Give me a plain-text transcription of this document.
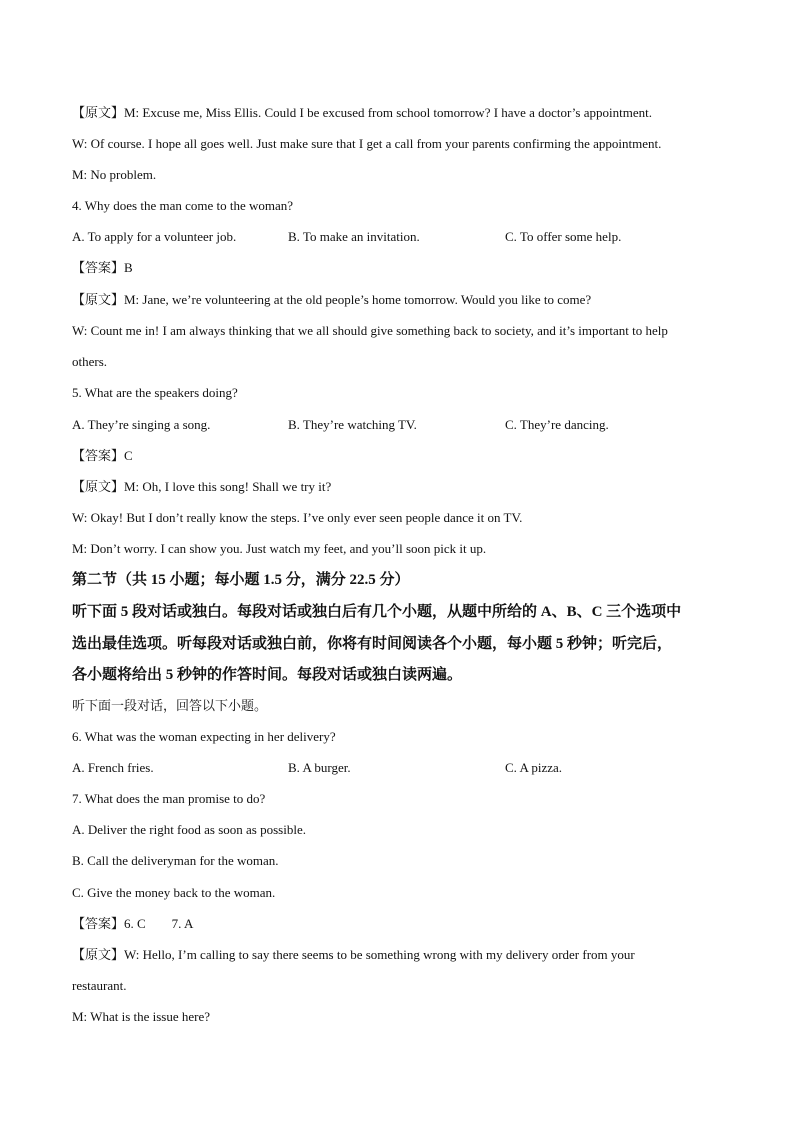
【原文】M: Excuse me, Miss Ellis. Could I be excused from school tomorrow? I have a doctor’s appointment.
W: Of course. I hope all goes well. Just make sure that I get a call from your parents confirming the appointment.
M: No problem.
4. Why does the man come to the woman?
A. To apply for a volunteer job.	B. To make an invitation.	C. To offer some help.
【答案】B
【原文】M: Jane, we’re volunteering at the old people’s home tomorrow. Would you like to come?
W: Count me in! I am always thinking that we all should give something back to society, and it’s important to help
others.
5. What are the speakers doing?
A. They’re singing a song.	B. They’re watching TV.	C. They’re dancing.
【答案】C
【原文】M: Oh, I love this song! Shall we try it?
W: Okay! But I don’t really know the steps. I’ve only ever seen people dance it on TV.
M: Don’t worry. I can show you. Just watch my feet, and you’ll soon pick it up.
第二节（共 15 小题；每小题 1.5 分，满分 22.5 分）
听下面 5 段对话或独白。每段对话或独白后有几个小题，从题中所给的 A、B、C 三个选项中
选出最佳选项。听每段对话或独白前，你将有时间阅读各个小题，每小题 5 秒钟；听完后，
各小题将给出 5 秒钟的作答时间。每段对话或独白读两遍。
听下面一段对话，回答以下小题。
6. What was the woman expecting in her delivery?
A. French fries.	B. A burger.	C. A pizza.
7. What does the man promise to do?
A. Deliver the right food as soon as possible.
B. Call the deliveryman for the woman.
C. Give the money back to the woman.
【答案】6. C 7. A
【原文】W: Hello, I’m calling to say there seems to be something wrong with my delivery order from your
restaurant.
M: What is the issue here?
